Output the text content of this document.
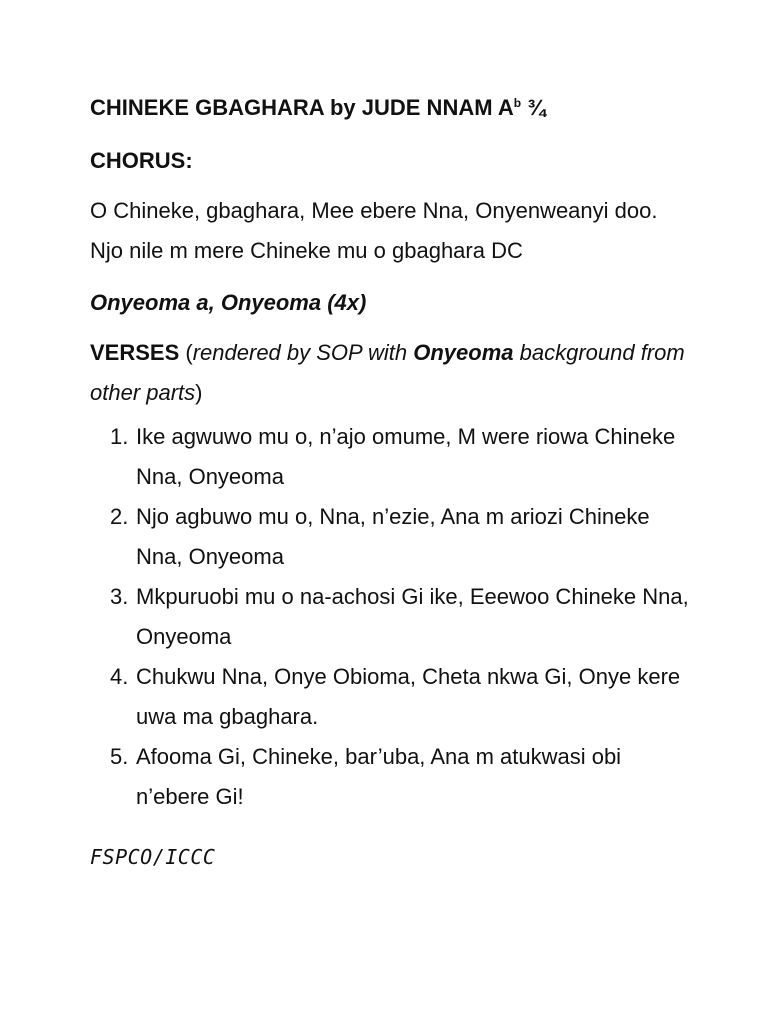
CHINEKE GBAGHARA by JUDE NNAM $A^b$ ¾

CHORUS:

O Chineke, gbaghara, Mee ebere Nna, Onyenweanyi doo. Njo nile m mere Chineke mu o gbaghara DC

Onyeoma a, Onyeoma (4x)

VERSES (rendered by SOP with Onyeoma background from other parts)

1. Ike agwuwo mu o, n’ajo omume, M were riowa Chineke Nna, Onyeoma
2. Njo agbuwo mu o, Nna, n’ezie, Ana m ariozi Chineke Nna, Onyeoma
3. Mkpuruobi mu o na-achosi Gi ike, Eeewoo Chineke Nna, Onyeoma
4. Chukwu Nna, Onye Obioma, Cheta nkwa Gi, Onye kere uwa ma gbaghara.
5. Afooma Gi, Chineke, bar’uba, Ana m atukwasi obi n’ebere Gi!

FSPCO/ICCC
